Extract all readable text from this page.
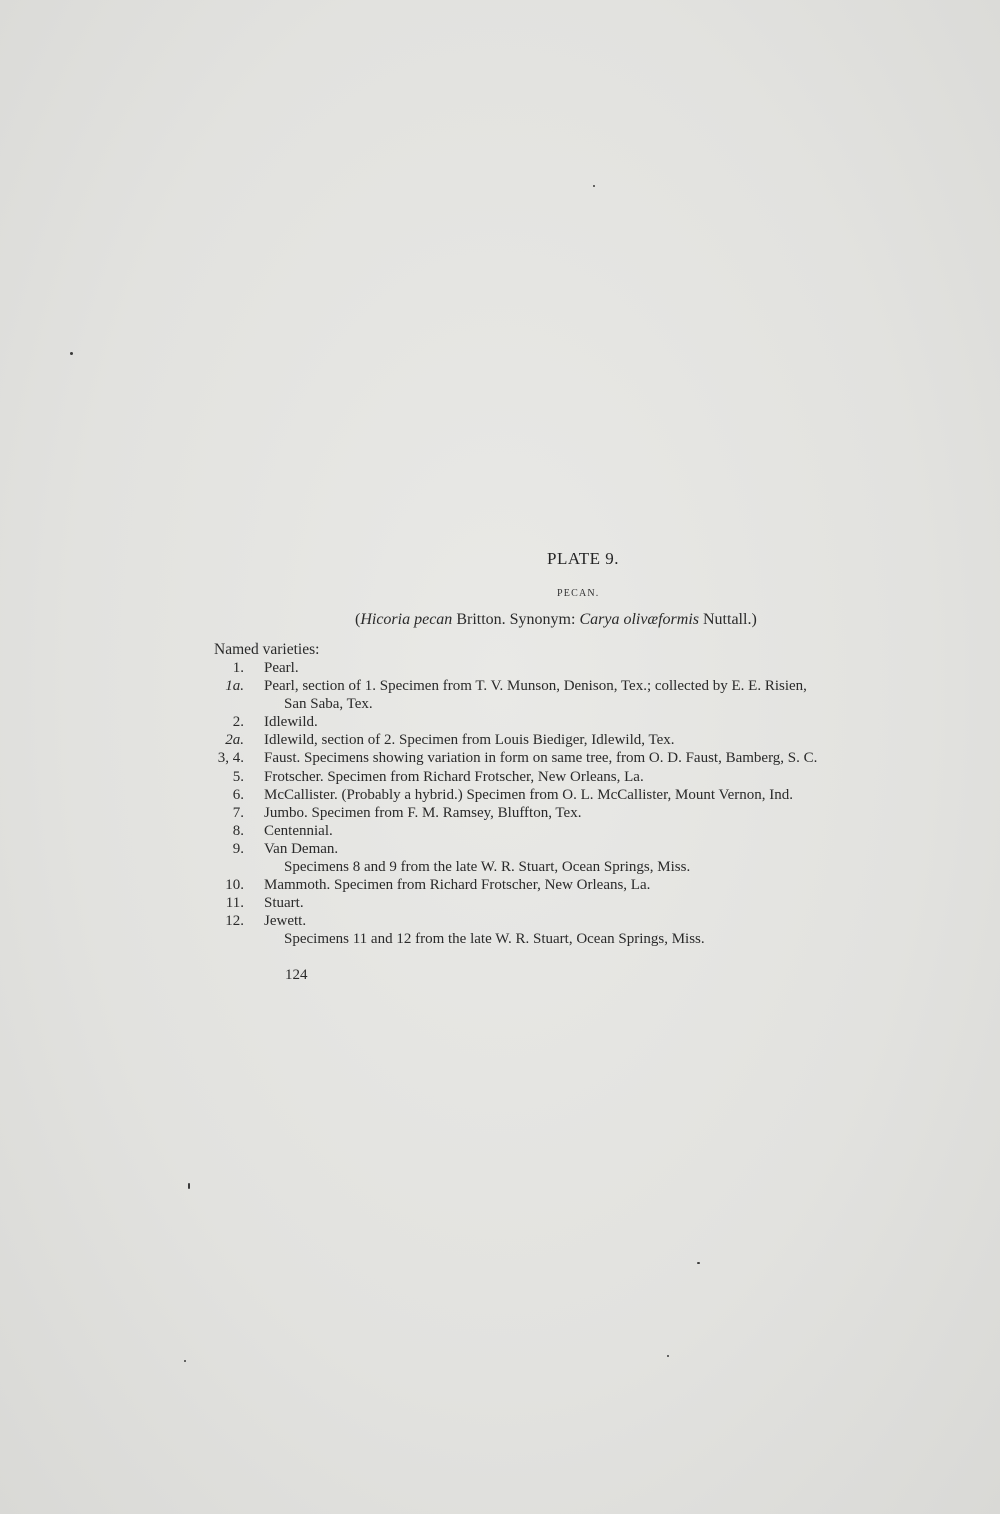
PLATE 9.
PECAN.
(Hicoria pecan Britton. Synonym: Carya olivæformis Nuttall.)
Named varieties:
1.	Pearl.
1a.	Pearl, section of 1. Specimen from T. V. Munson, Denison, Tex.; collected by E. E. Risien,
San Saba, Tex.
2.	Idlewild.
2a.	Idlewild, section of 2. Specimen from Louis Biediger, Idlewild, Tex.
3, 4.	Faust. Specimens showing variation in form on same tree, from O. D. Faust, Bamberg, S. C.
5.	Frotscher. Specimen from Richard Frotscher, New Orleans, La.
6.	McCallister. (Probably a hybrid.) Specimen from O. L. McCallister, Mount Vernon, Ind.
7.	Jumbo. Specimen from F. M. Ramsey, Bluffton, Tex.
8.	Centennial.
9.	Van Deman.
Specimens 8 and 9 from the late W. R. Stuart, Ocean Springs, Miss.
10.	Mammoth. Specimen from Richard Frotscher, New Orleans, La.
11.	Stuart.
12.	Jewett.
Specimens 11 and 12 from the late W. R. Stuart, Ocean Springs, Miss.
124
